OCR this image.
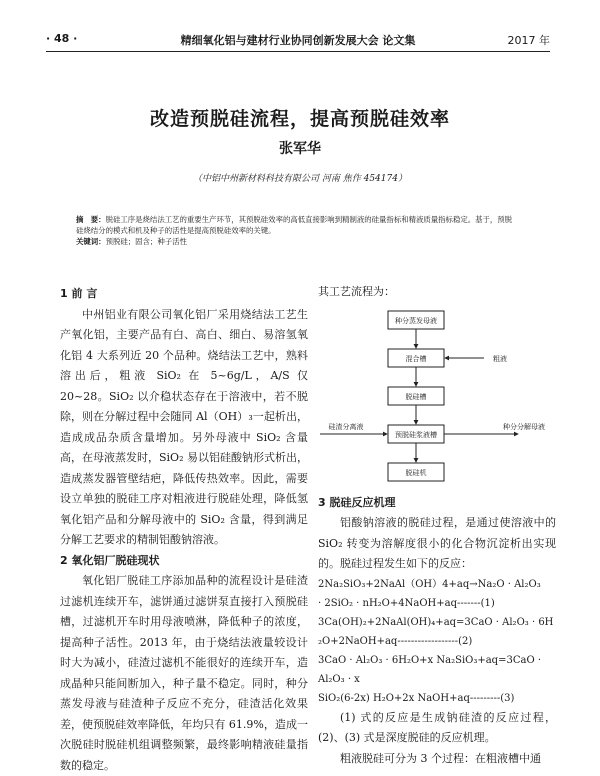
· 48 ·	精细氧化铝与建材行业协同创新发展大会 论文集	2017 年
改造预脱硅流程，提高预脱硅效率
张军华
（中铝中州新材料科技有限公司 河南 焦作 454174）
摘　要：脱硅工序是烧结法工艺的重要生产环节，其预脱硅效率的高低直接影响到精制液的硅量指标和精液质量指标稳定。基于，预脱硅烧结分的模式和机及种子的活性是提高预脱硅效率的关键。
关键词：预脱硅；固含；种子活性
1 前 言

中州铝业有限公司氧化铝厂采用烧结法工艺生产氧化铝，主要产品有白、高白、细白、易溶氢氧化铝 4 大系列近 20 个品种。烧结法工艺中，熟料溶出后，粗液 SiO₂ 在 5~6g/L，A/S 仅 20~28。SiO₂ 以介稳状态存在于溶液中，若不脱除，则在分解过程中会随同 Al（OH）₃一起析出，造成成品杂质含量增加。另外母液中 SiO₂ 含量高，在母液蒸发时，SiO₂ 易以铝硅酸钠形式析出，造成蒸发器管壁结疤，降低传热效率。因此，需要设立单独的脱硅工序对粗液进行脱硅处理，降低氢氧化铝产品和分解母液中的 SiO₂ 含量，得到满足分解工艺要求的精制铝酸钠溶液。

2 氧化铝厂脱硅现状

氧化铝厂脱硅工序添加晶种的流程设计是硅渣过滤机连续开车，滤饼通过滤饼泵直接打入预脱硅槽，过滤机开车时用母液喷淋，降低种子的浓度，提高种子活性。2013 年，由于烧结法液量较设计时大为减小，硅渣过滤机不能很好的连续开车，造成晶种只能间断加入，种子量不稳定。同时，种分蒸发母液与硅渣种子反应不充分，硅渣活化效果差，使预脱硅效率降低，年均只有 61.9%，造成一次脱硅时脱硅机组调整频繁，最终影响精液硅量指数的稳定。

其工艺流程为：

种分蒸发母液
混合槽
脱硅槽
预脱硅浆液槽
脱硅机
粗液
硅渣分离液	种分分解母液
3 脱硅反应机理

铝酸钠溶液的脱硅过程，是通过使溶液中的 SiO₂ 转变为溶解度很小的化合物沉淀析出实现的。脱硅过程发生如下的反应：

2Na₂SiO₃+2NaAl（OH）4+aq→Na₂O · Al₂O₃
· 2SiO₂ · nH₂O+4NaOH+aq-------(1)
3Ca(OH)₂+2NaAl(OH)₄+aq=3CaO · Al₂O₃ · 6H
₂O+2NaOH+aq------------------(2)
3CaO · Al₂O₃ · 6H₂O+x Na₂SiO₃+aq=3CaO · Al₂O₃ · x
SiO₂(6-2x) H₂O+2x NaOH+aq---------(3)

(1) 式的反应是生成钠硅渣的反应过程，(2)、(3) 式是深度脱硅的反应机理。

粗液脱硅可分为 3 个过程：在粗液槽中通
